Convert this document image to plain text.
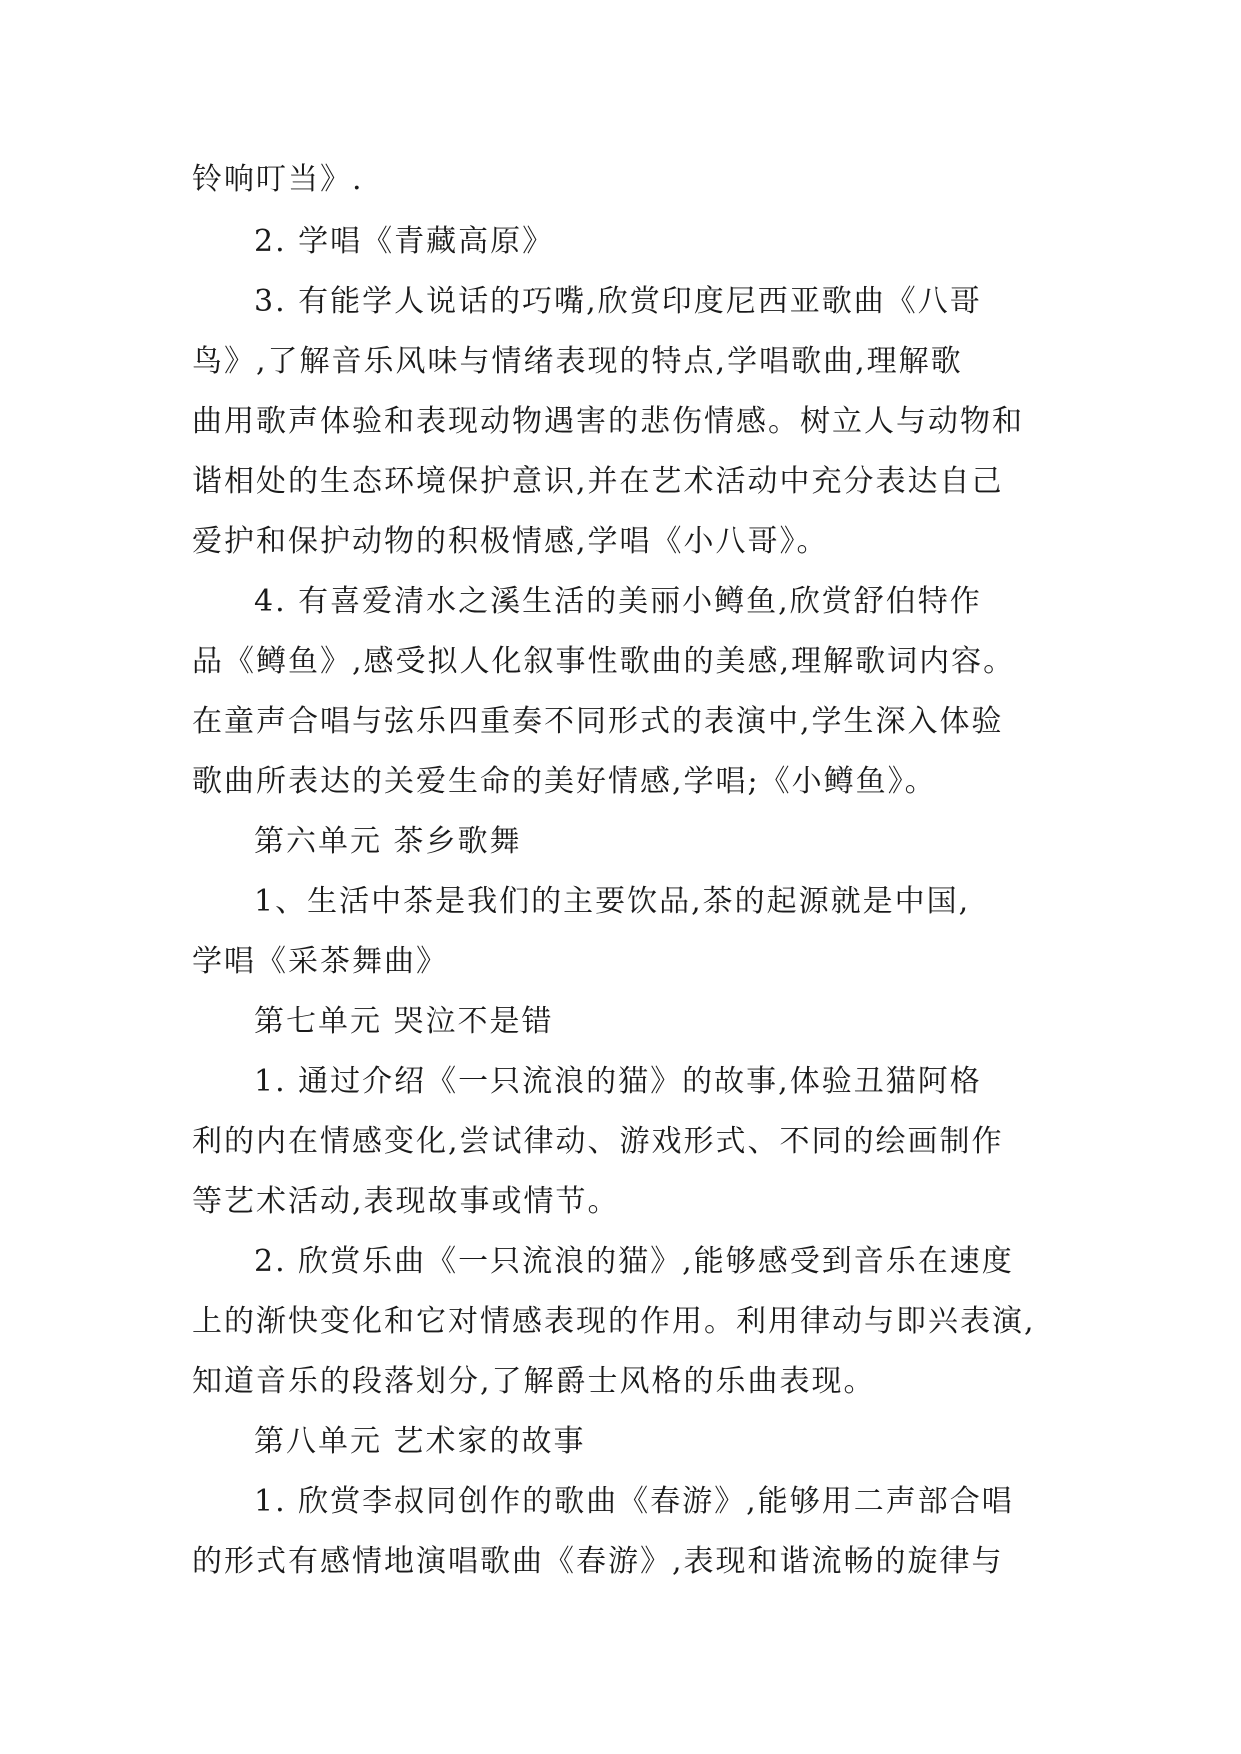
铃响叮当》.
2. 学唱《青藏高原》
3. 有能学人说话的巧嘴,欣赏印度尼西亚歌曲《八哥
鸟》,了解音乐风味与情绪表现的特点,学唱歌曲,理解歌
曲用歌声体验和表现动物遇害的悲伤情感。树立人与动物和
谐相处的生态环境保护意识,并在艺术活动中充分表达自己
爱护和保护动物的积极情感,学唱《小八哥》。
4. 有喜爱清水之溪生活的美丽小鳟鱼,欣赏舒伯特作
品《鳟鱼》,感受拟人化叙事性歌曲的美感,理解歌词内容。
在童声合唱与弦乐四重奏不同形式的表演中,学生深入体验
歌曲所表达的关爱生命的美好情感,学唱;《小鳟鱼》。
第六单元 茶乡歌舞
1、生活中茶是我们的主要饮品,茶的起源就是中国,
学唱《采茶舞曲》
第七单元 哭泣不是错
1. 通过介绍《一只流浪的猫》的故事,体验丑猫阿格
利的内在情感变化,尝试律动、游戏形式、不同的绘画制作
等艺术活动,表现故事或情节。
2. 欣赏乐曲《一只流浪的猫》,能够感受到音乐在速度
上的渐快变化和它对情感表现的作用。利用律动与即兴表演,
知道音乐的段落划分,了解爵士风格的乐曲表现。
第八单元 艺术家的故事
1. 欣赏李叔同创作的歌曲《春游》,能够用二声部合唱
的形式有感情地演唱歌曲《春游》,表现和谐流畅的旋律与
